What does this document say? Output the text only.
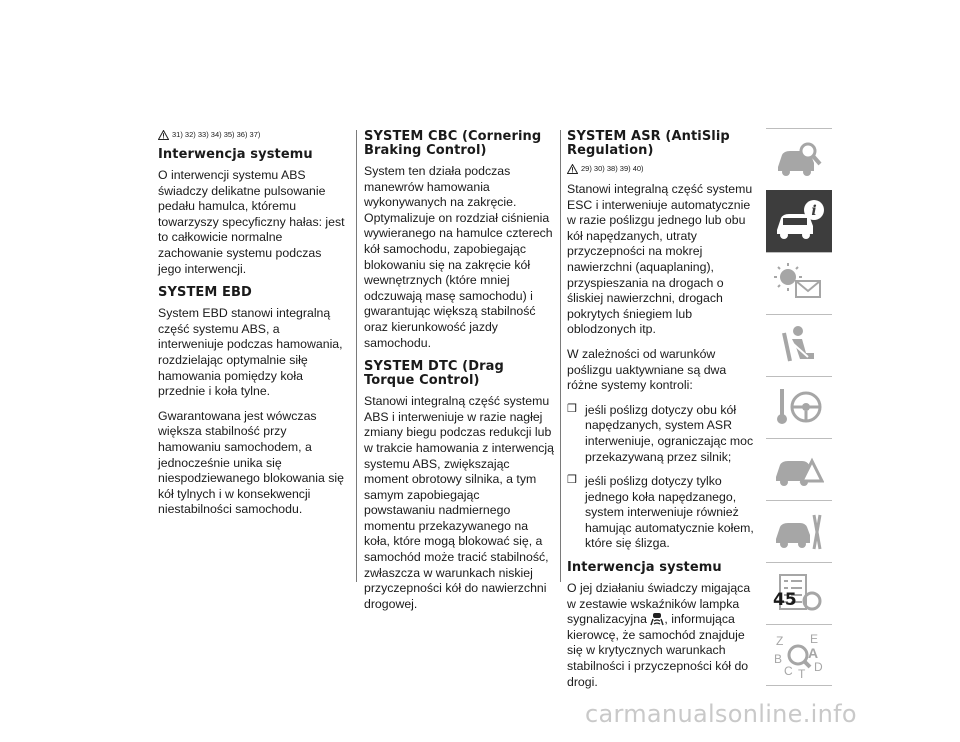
31) 32) 33) 34) 35) 36) 37)
Interwencja systemu

O interwencji systemu ABS świadczy delikatne pulsowanie pedału hamulca, któremu towarzyszy specyficzny hałas: jest to całkowicie normalne zachowanie systemu podczas jego interwencji.

SYSTEM EBD

System EBD stanowi integralną część systemu ABS, a interweniuje podczas hamowania, rozdzielając optymalnie siłę hamowania pomiędzy koła przednie i koła tylne.

Gwarantowana jest wówczas większa stabilność przy hamowaniu samochodem, a jednocześnie unika się niespodziewanego blokowania się kół tylnych i w konsekwencji niestabilności samochodu.

SYSTEM CBC (Cornering Braking Control)

System ten działa podczas manewrów hamowania wykonywanych na zakręcie. Optymalizuje on rozdział ciśnienia wywieranego na hamulce czterech kół samochodu, zapobiegając blokowaniu się na zakręcie kół wewnętrznych (które mniej odczuwają masę samochodu) i gwarantując większą stabilność oraz kierunkowość jazdy samochodu.

SYSTEM DTC (Drag Torque Control)

Stanowi integralną część systemu ABS i interweniuje w razie nagłej zmiany biegu podczas redukcji lub w trakcie hamowania z interwencją systemu ABS, zwiększając moment obrotowy silnika, a tym samym zapobiegając powstawaniu nadmiernego momentu przekazywanego na koła, które mogą blokować się, a samochód może tracić stabilność, zwłaszcza w warunkach niskiej przyczepności kół do nawierzchni drogowej.

SYSTEM ASR (AntiSlip Regulation)
29) 30) 38) 39) 40)

Stanowi integralną część systemu ESC i interweniuje automatycznie w razie poślizgu jednego lub obu kół napędzanych, utraty przyczepności na mokrej nawierzchni (aquaplaning), przyspieszania na drogach o śliskiej nawierzchni, drogach pokrytych śniegiem lub oblodzonych itp.

W zależności od warunków poślizgu uaktywniane są dwa różne systemy kontroli:

❒ jeśli poślizg dotyczy obu kół napędzanych, system ASR interweniuje, ograniczając moc przekazywaną przez silnik;
❒ jeśli poślizg dotyczy tylko jednego koła napędzanego, system interweniuje również hamując automatycznie kołem, które się ślizga.
Interwencja systemu

O jej działaniu świadczy migająca w zestawie wskaźników lampka sygnalizacyjna , informująca kierowcę, że samochód znajduje się w krytycznych warunkach stabilności i przyczepności kół do drogi.

i
Z E
B A
C D
T
45
carmanualsonline.info
